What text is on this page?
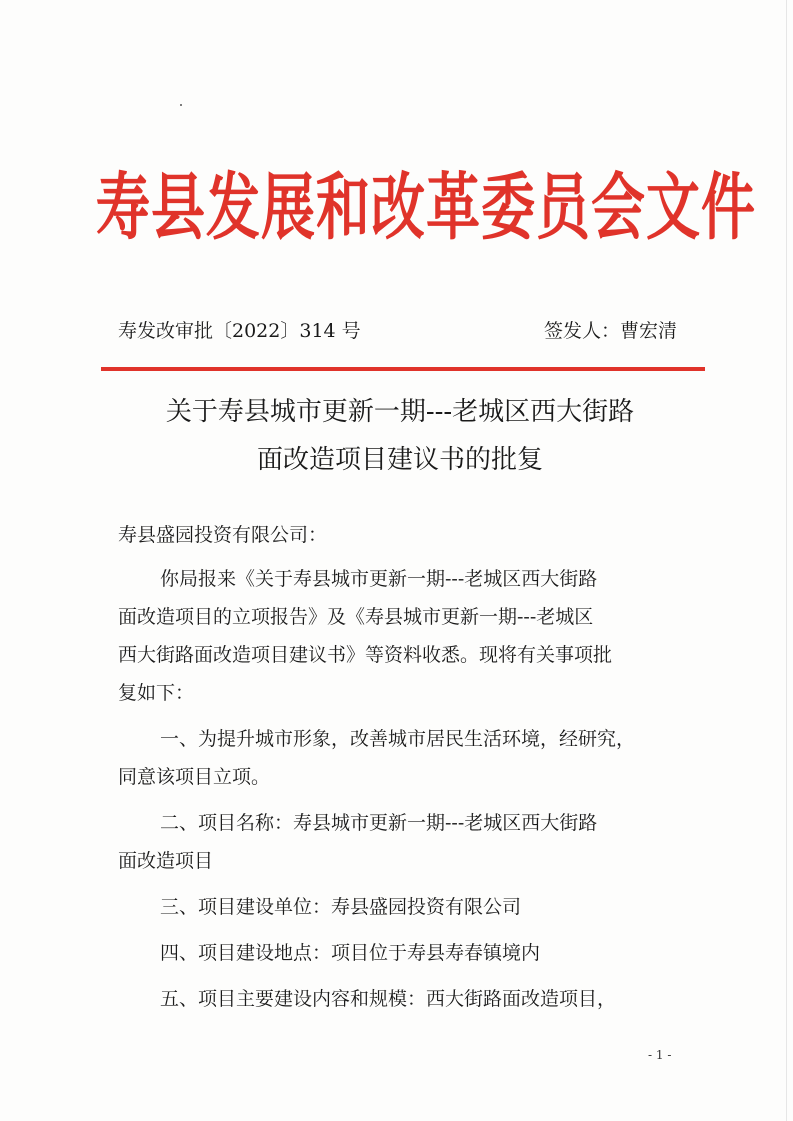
寿县发展和改革委员会文件
寿发改审批〔2022〕314 号	签发人：曹宏清
关于寿县城市更新一期---老城区西大街路
面改造项目建议书的批复

寿县盛园投资有限公司：

你局报来《关于寿县城市更新一期---老城区西大街路
面改造项目的立项报告》及《寿县城市更新一期---老城区
西大街路面改造项目建议书》等资料收悉。现将有关事项批
复如下：

一、为提升城市形象，改善城市居民生活环境，经研究，
同意该项目立项。

二、项目名称：寿县城市更新一期---老城区西大街路
面改造项目

三、项目建设单位：寿县盛园投资有限公司

四、项目建设地点：项目位于寿县寿春镇境内

五、项目主要建设内容和规模：西大街路面改造项目，

- 1 -
